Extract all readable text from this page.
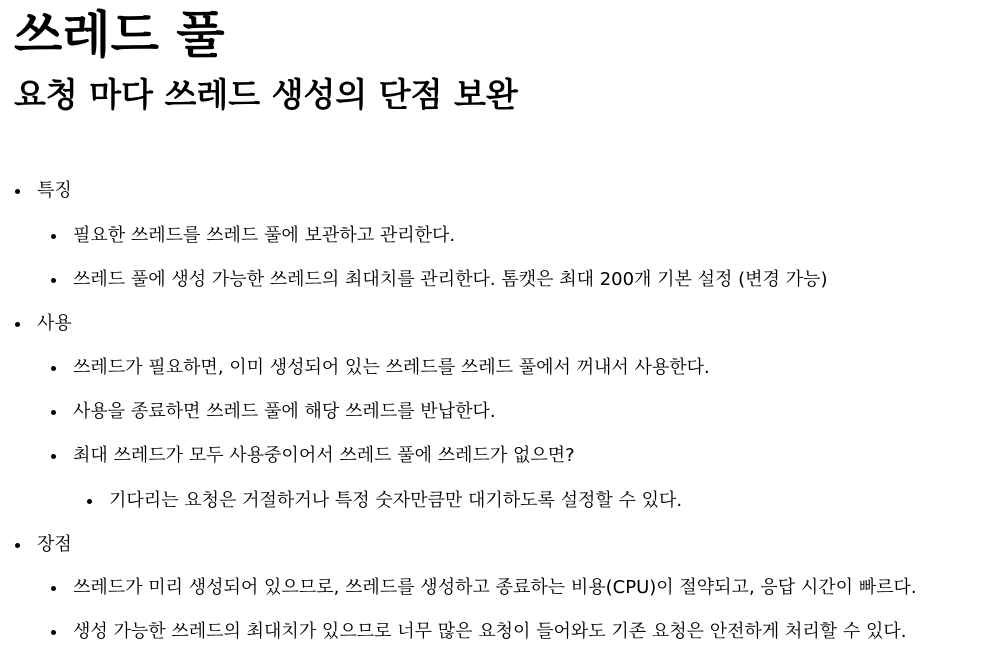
쓰레드 풀
요청 마다 쓰레드 생성의 단점 보완
특징
필요한 쓰레드를 쓰레드 풀에 보관하고 관리한다.
쓰레드 풀에 생성 가능한 쓰레드의 최대치를 관리한다. 톰캣은 최대 200개 기본 설정 (변경 가능)
사용
쓰레드가 필요하면, 이미 생성되어 있는 쓰레드를 쓰레드 풀에서 꺼내서 사용한다.
사용을 종료하면 쓰레드 풀에 해당 쓰레드를 반납한다.
최대 쓰레드가 모두 사용중이어서 쓰레드 풀에 쓰레드가 없으면?
기다리는 요청은 거절하거나 특정 숫자만큼만 대기하도록 설정할 수 있다.
장점
쓰레드가 미리 생성되어 있으므로, 쓰레드를 생성하고 종료하는 비용(CPU)이 절약되고, 응답 시간이 빠르다.
생성 가능한 쓰레드의 최대치가 있으므로 너무 많은 요청이 들어와도 기존 요청은 안전하게 처리할 수 있다.
